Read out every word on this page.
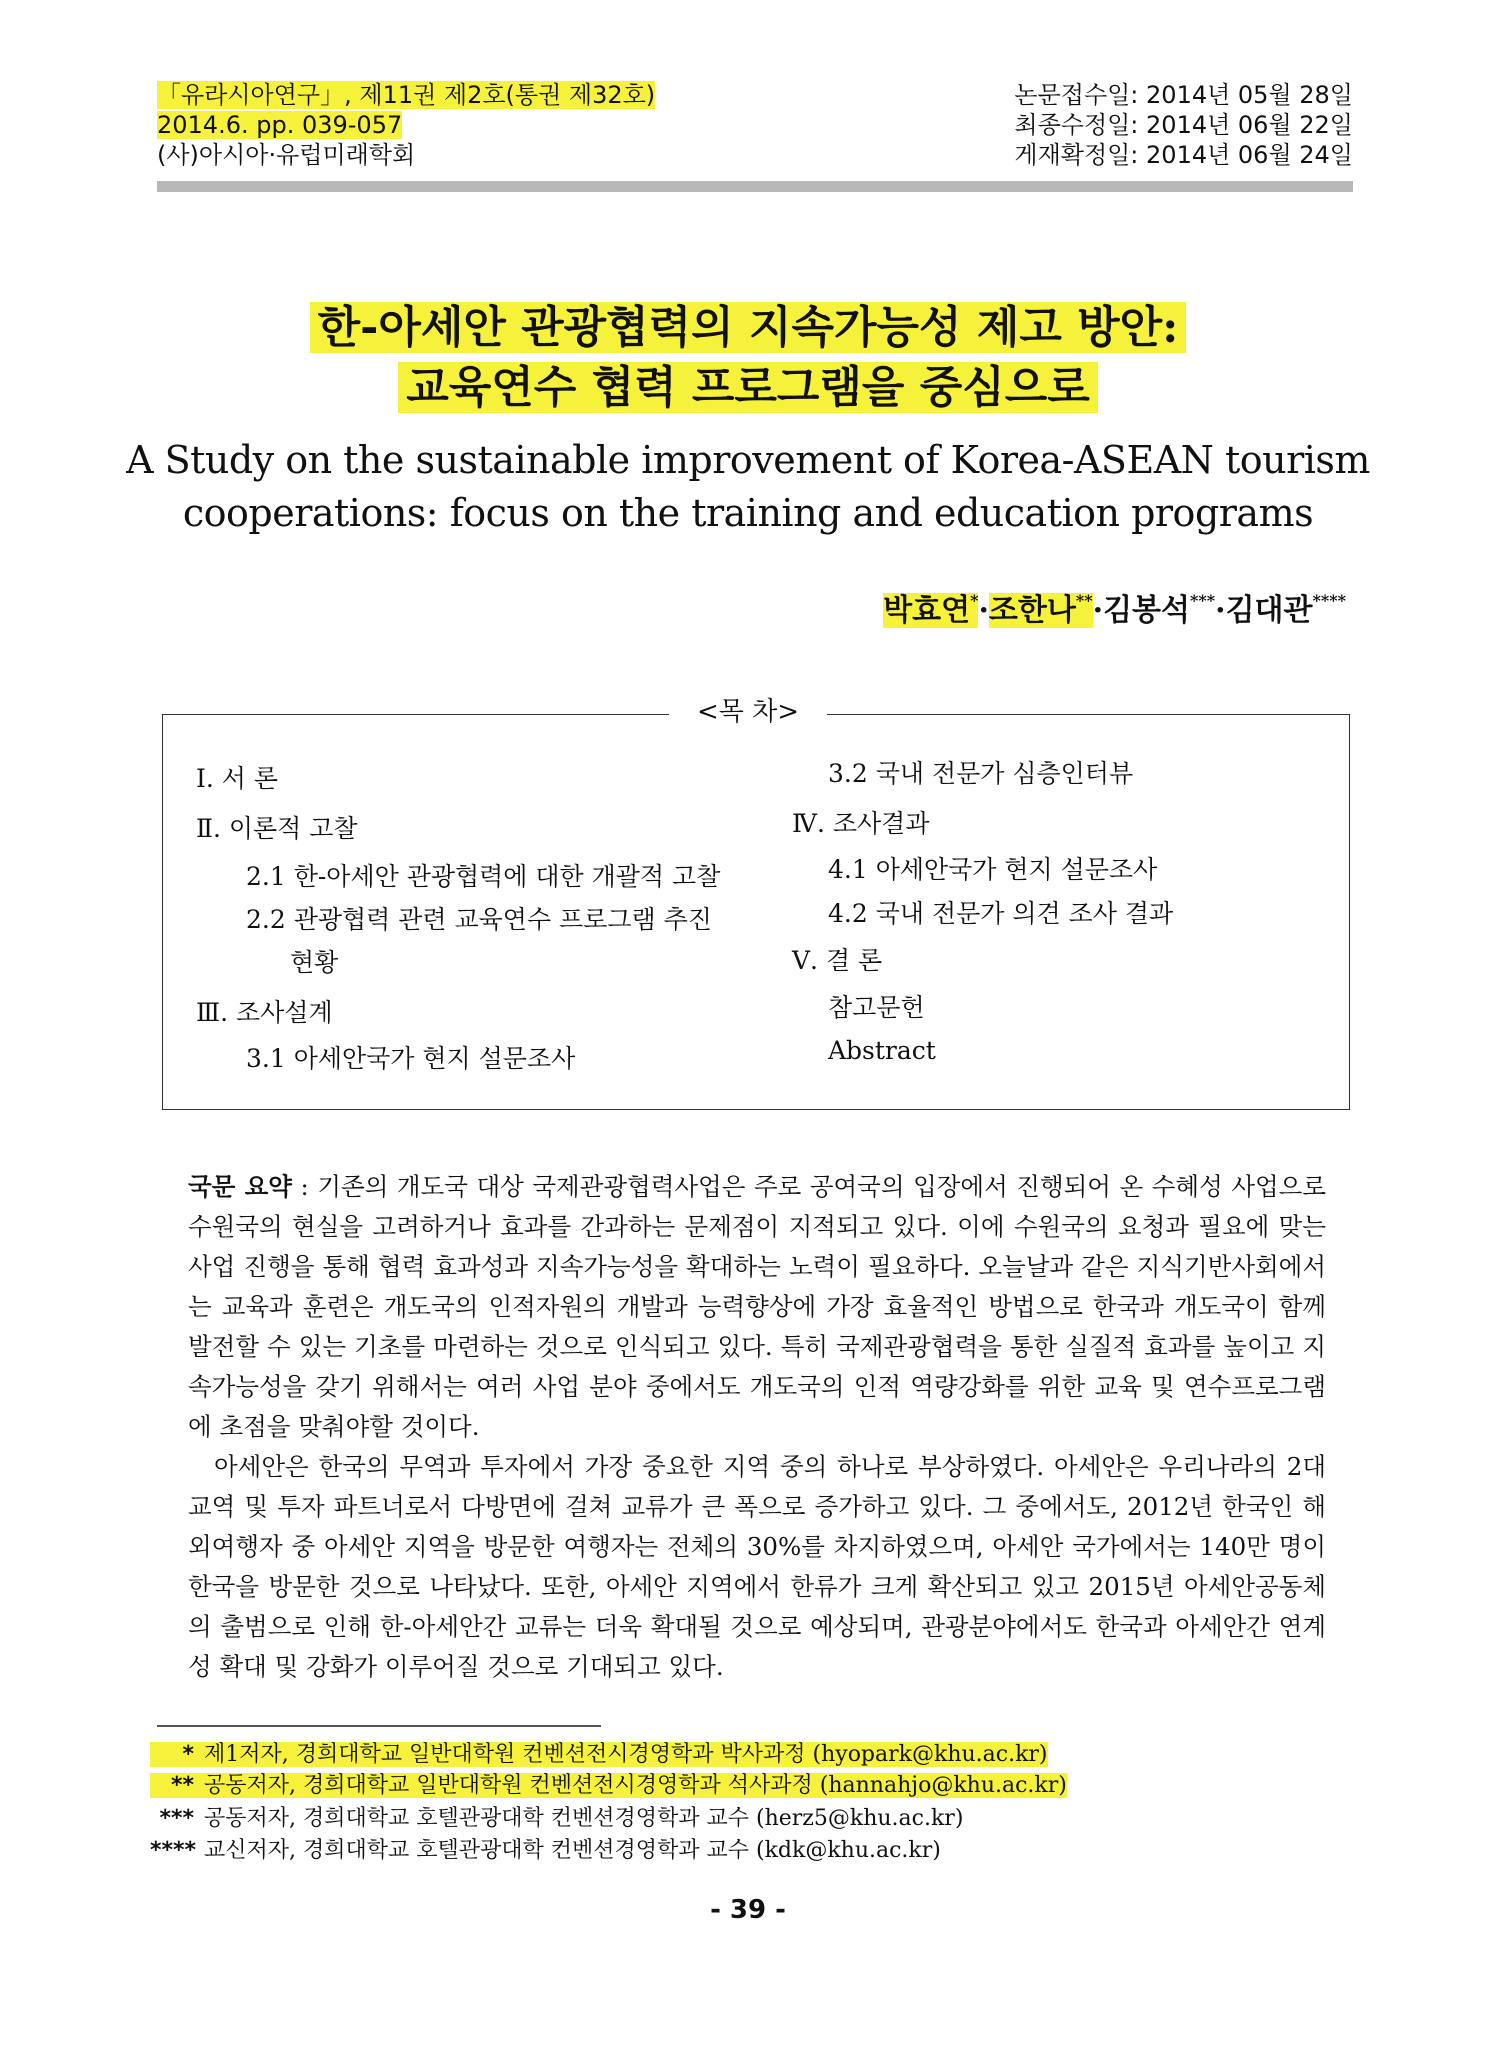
「유라시아연구」, 제11권 제2호(통권 제32호)
2014.6. pp. 039-057
(사)아시아·유럽미래학회
논문접수일: 2014년 05월 28일
최종수정일: 2014년 06월 22일
게재확정일: 2014년 06월 24일
한-아세안 관광협력의 지속가능성 제고 방안:
교육연수 협력 프로그램을 중심으로
A Study on the sustainable improvement of Korea-ASEAN tourism
cooperations: focus on the training and education programs
박효연*·조한나**·김봉석***·김대관****
<목 차>
Ⅰ. 서 론
Ⅱ. 이론적 고찰
2.1 한-아세안 관광협력에 대한 개괄적 고찰
2.2 관광협력 관련 교육연수 프로그램 추진
현황
Ⅲ. 조사설계
3.1 아세안국가 현지 설문조사
3.2 국내 전문가 심층인터뷰
Ⅳ. 조사결과
4.1 아세안국가 현지 설문조사
4.2 국내 전문가 의견 조사 결과
Ⅴ. 결 론
참고문헌
Abstract

국문 요약 : 기존의 개도국 대상 국제관광협력사업은 주로 공여국의 입장에서 진행되어 온 수혜성 사업으로 수원국의 현실을 고려하거나 효과를 간과하는 문제점이 지적되고 있다. 이에 수원국의 요청과 필요에 맞는 사업 진행을 통해 협력 효과성과 지속가능성을 확대하는 노력이 필요하다. 오늘날과 같은 지식기반사회에서는 교육과 훈련은 개도국의 인적자원의 개발과 능력향상에 가장 효율적인 방법으로 한국과 개도국이 함께 발전할 수 있는 기초를 마련하는 것으로 인식되고 있다. 특히 국제관광협력을 통한 실질적 효과를 높이고 지속가능성을 갖기 위해서는 여러 사업 분야 중에서도 개도국의 인적 역량강화를 위한 교육 및 연수프로그램에 초점을 맞춰야할 것이다.

아세안은 한국의 무역과 투자에서 가장 중요한 지역 중의 하나로 부상하였다. 아세안은 우리나라의 2대 교역 및 투자 파트너로서 다방면에 걸쳐 교류가 큰 폭으로 증가하고 있다. 그 중에서도, 2012년 한국인 해외여행자 중 아세안 지역을 방문한 여행자는 전체의 30%를 차지하였으며, 아세안 국가에서는 140만 명이 한국을 방문한 것으로 나타났다. 또한, 아세안 지역에서 한류가 크게 확산되고 있고 2015년 아세안공동체의 출범으로 인해 한-아세안간 교류는 더욱 확대될 것으로 예상되며, 관광분야에서도 한국과 아세안간 연계성 확대 및 강화가 이루어질 것으로 기대되고 있다.

* 제1저자, 경희대학교 일반대학원 컨벤션전시경영학과 박사과정 (hyopark@khu.ac.kr)
** 공동저자, 경희대학교 일반대학원 컨벤션전시경영학과 석사과정 (hannahjo@khu.ac.kr)
*** 공동저자, 경희대학교 호텔관광대학 컨벤션경영학과 교수 (herz5@khu.ac.kr)
**** 교신저자, 경희대학교 호텔관광대학 컨벤션경영학과 교수 (kdk@khu.ac.kr)
- 39 -
